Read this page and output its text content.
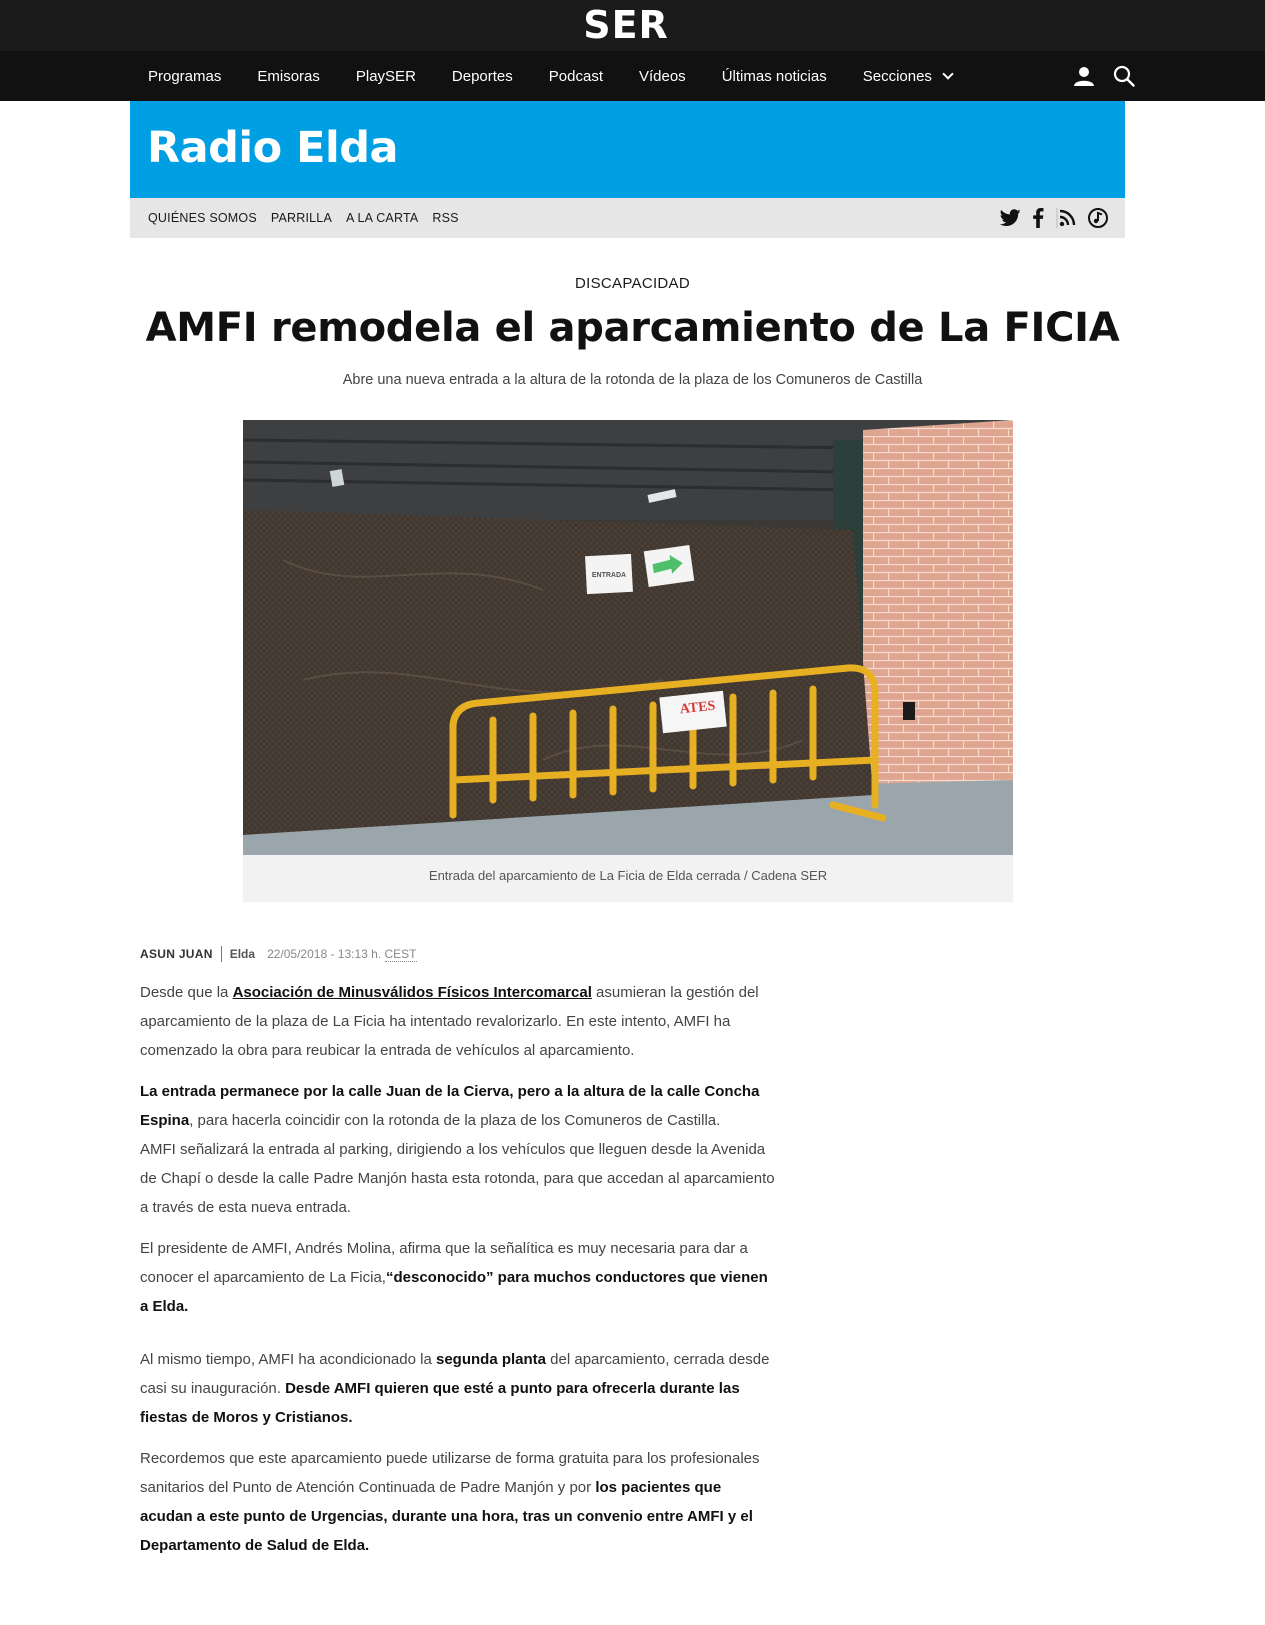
SER
Programas Emisoras PlaySER Deportes Podcast Vídeos Últimas noticias Secciones
Radio Elda
QUIÉNES SOMOS PARRILLA A LA CARTA RSS
DISCAPACIDAD
AMFI remodela el aparcamiento de La FICIA
Abre una nueva entrada a la altura de la rotonda de la plaza de los Comuneros de Castilla
ENTRADA
ATES
Entrada del aparcamiento de La Ficia de Elda cerrada / Cadena SER
ASUN JUAN Elda 22/05/2018 - 13:13 h. CEST

Desde que la Asociación de Minusválidos Físicos Intercomarcal asumieran la gestión del aparcamiento de la plaza de La Ficia ha intentado revalorizarlo. En este intento, AMFI ha comenzado la obra para reubicar la entrada de vehículos al aparcamiento.

La entrada permanece por la calle Juan de la Cierva, pero a la altura de la calle Concha Espina, para hacerla coincidir con la rotonda de la plaza de los Comuneros de Castilla.

AMFI señalizará la entrada al parking, dirigiendo a los vehículos que lleguen desde la Avenida de Chapí o desde la calle Padre Manjón hasta esta rotonda, para que accedan al aparcamiento a través de esta nueva entrada.

El presidente de AMFI, Andrés Molina, afirma que la señalítica es muy necesaria para dar a conocer el aparcamiento de La Ficia,“desconocido” para muchos conductores que vienen a Elda.

Al mismo tiempo, AMFI ha acondicionado la segunda planta del aparcamiento, cerrada desde casi su inauguración. Desde AMFI quieren que esté a punto para ofrecerla durante las fiestas de Moros y Cristianos.

Recordemos que este aparcamiento puede utilizarse de forma gratuita para los profesionales sanitarios del Punto de Atención Continuada de Padre Manjón y por los pacientes que acudan a este punto de Urgencias, durante una hora, tras un convenio entre AMFI y el Departamento de Salud de Elda.
